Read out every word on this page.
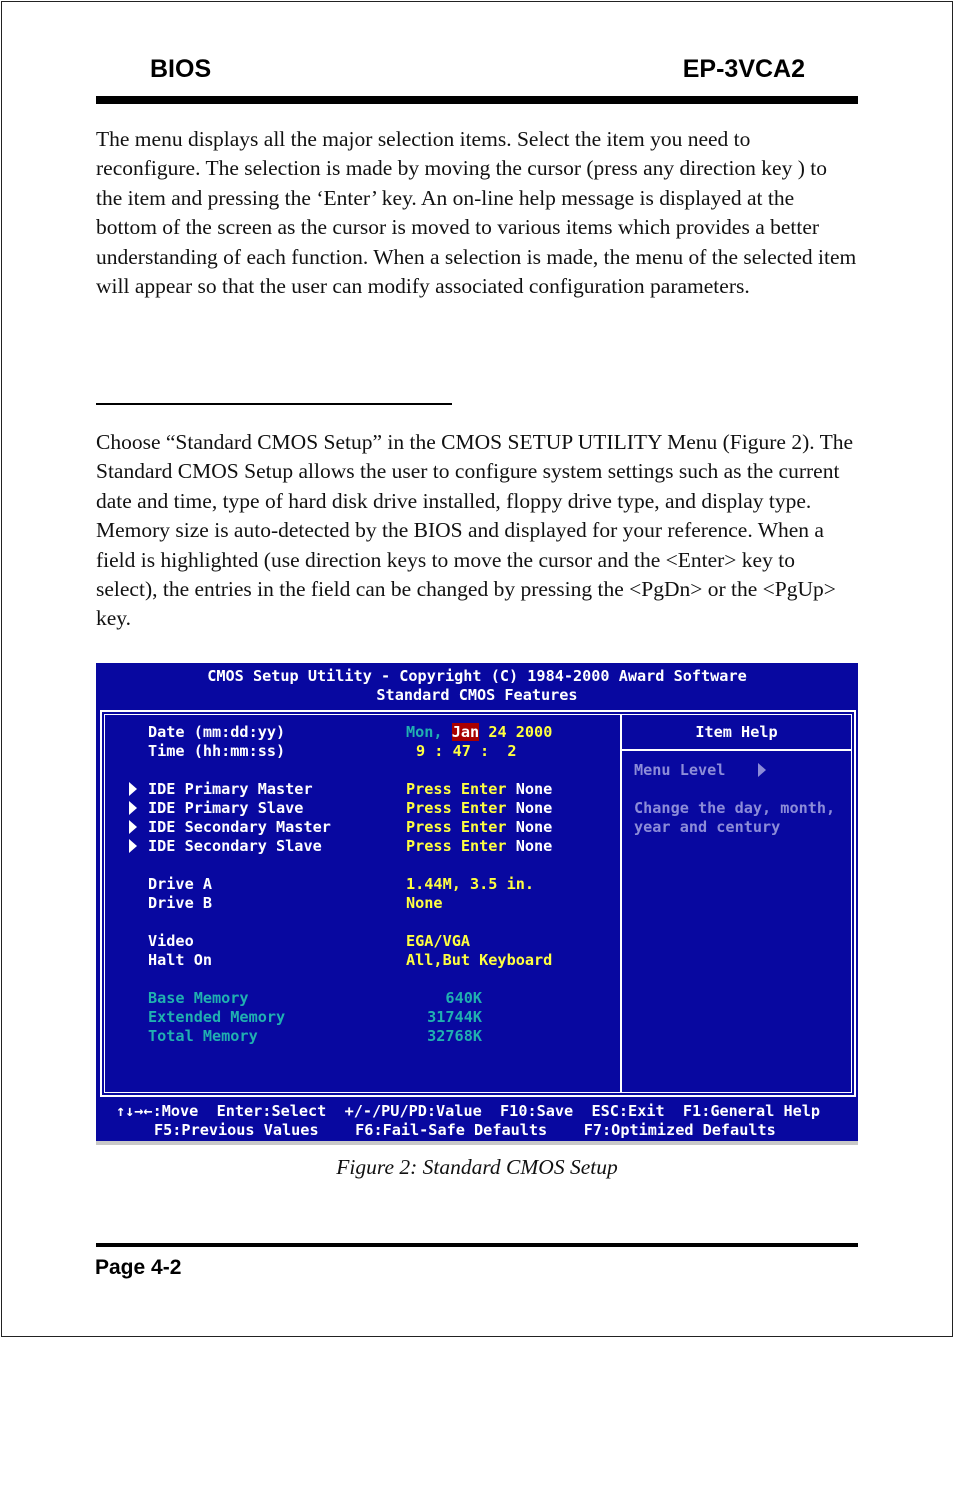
BIOS	EP-3VCA2
The menu displays all the major selection items. Select the item you need to reconfigure. The selection is made by moving the cursor (press any direction key ) to the item and pressing the ‘Enter’ key. An on-line help message is displayed at the bottom of the screen as the cursor is moved to various items which provides a better understanding of each function. When a selection is made, the menu of the selected item will appear so that the user can modify associated configuration parameters.
Choose “Standard CMOS Setup” in the CMOS SETUP UTILITY Menu (Figure 2). The Standard CMOS Setup allows the user to configure system settings such as the current date and time, type of hard disk drive installed, floppy drive type, and display type. Memory size is auto-detected by the BIOS and displayed for your reference. When a field is highlighted (use direction keys to move the cursor and the <Enter> key to select), the entries in the field can be changed by pressing the <PgDn> or the <PgUp> key.

CMOS Setup Utility - Copyright (C) 1984-2000 Award Software

Standard CMOS Features

Date (mm:dd:yy)

	Mon, Jan 24 2000

Time (hh:mm:ss)

	9 : 47 :  2

IDE Primary Master

	Press Enter None

IDE Primary Slave

	Press Enter None

IDE Secondary Master

	Press Enter None

IDE Secondary Slave

	Press Enter None

Drive A

	1.44M, 3.5 in.

Drive B

	None

Video

	EGA/VGA

Halt On

	All,But Keyboard

Base Memory

	640K

Extended Memory

	31744K

Total Memory

	32768K

Item Help

Menu Level

Change the day, month,

year and century

↑↓→←:Move  Enter:Select  +/-/PU/PD:Value  F10:Save  ESC:Exit  F1:General Help

F5:Previous Values    F6:Fail-Safe Defaults    F7:Optimized Defaults

Figure 2: Standard CMOS Setup
Page 4-2
